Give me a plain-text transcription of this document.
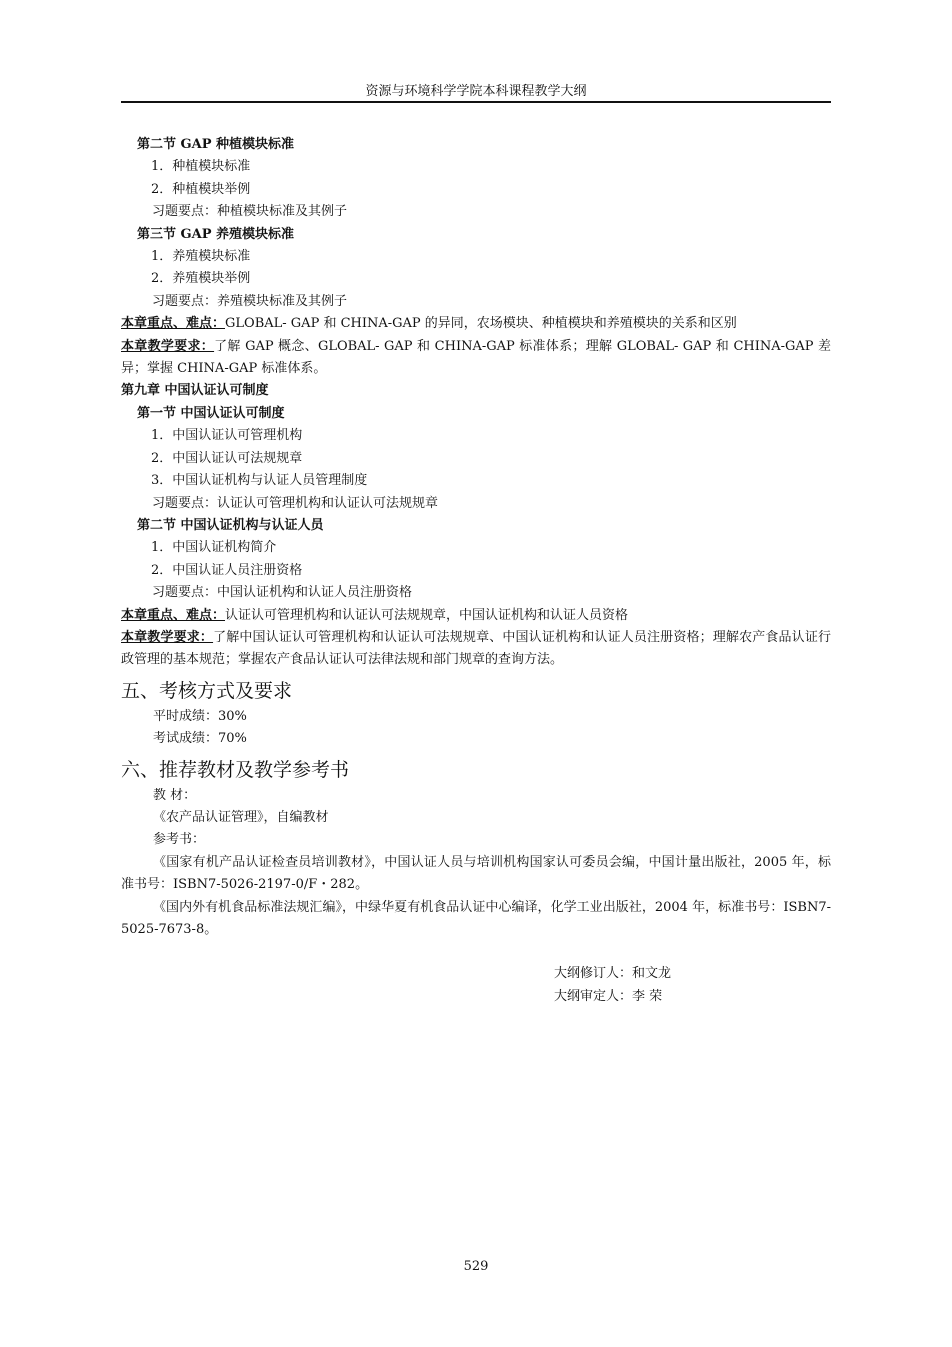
资源与环境科学学院本科课程教学大纲
第二节 GAP 种植模块标准
1．种植模块标准
2．种植模块举例
习题要点：种植模块标准及其例子
第三节 GAP 养殖模块标准
1．养殖模块标准
2．养殖模块举例
习题要点：养殖模块标准及其例子
本章重点、难点：GLOBAL- GAP 和 CHINA-GAP 的异同，农场模块、种植模块和养殖模块的关系和区别
本章教学要求：了解 GAP 概念、GLOBAL- GAP 和 CHINA-GAP 标准体系；理解 GLOBAL- GAP 和 CHINA-GAP 差异；掌握 CHINA-GAP 标准体系。
第九章 中国认证认可制度
第一节 中国认证认可制度
1．中国认证认可管理机构
2．中国认证认可法规规章
3．中国认证机构与认证人员管理制度
习题要点：认证认可管理机构和认证认可法规规章
第二节 中国认证机构与认证人员
1．中国认证机构简介
2．中国认证人员注册资格
习题要点：中国认证机构和认证人员注册资格
本章重点、难点：认证认可管理机构和认证认可法规规章，中国认证机构和认证人员资格
本章教学要求：了解中国认证认可管理机构和认证认可法规规章、中国认证机构和认证人员注册资格；理解农产食品认证行政管理的基本规范；掌握农产食品认证认可法律法规和部门规章的查询方法。
五、考核方式及要求
平时成绩：30%
考试成绩：70%
六、推荐教材及教学参考书
教 材：
《农产品认证管理》，自编教材
参考书：
《国家有机产品认证检查员培训教材》，中国认证人员与培训机构国家认可委员会编，中国计量出版社，2005 年，标准书号：ISBN7-5026-2197-0/F・282。
《国内外有机食品标准法规汇编》，中绿华夏有机食品认证中心编译，化学工业出版社，2004 年，标准书号：ISBN7-5025-7673-8。
大纲修订人：和文龙
大纲审定人：李 荣
529
